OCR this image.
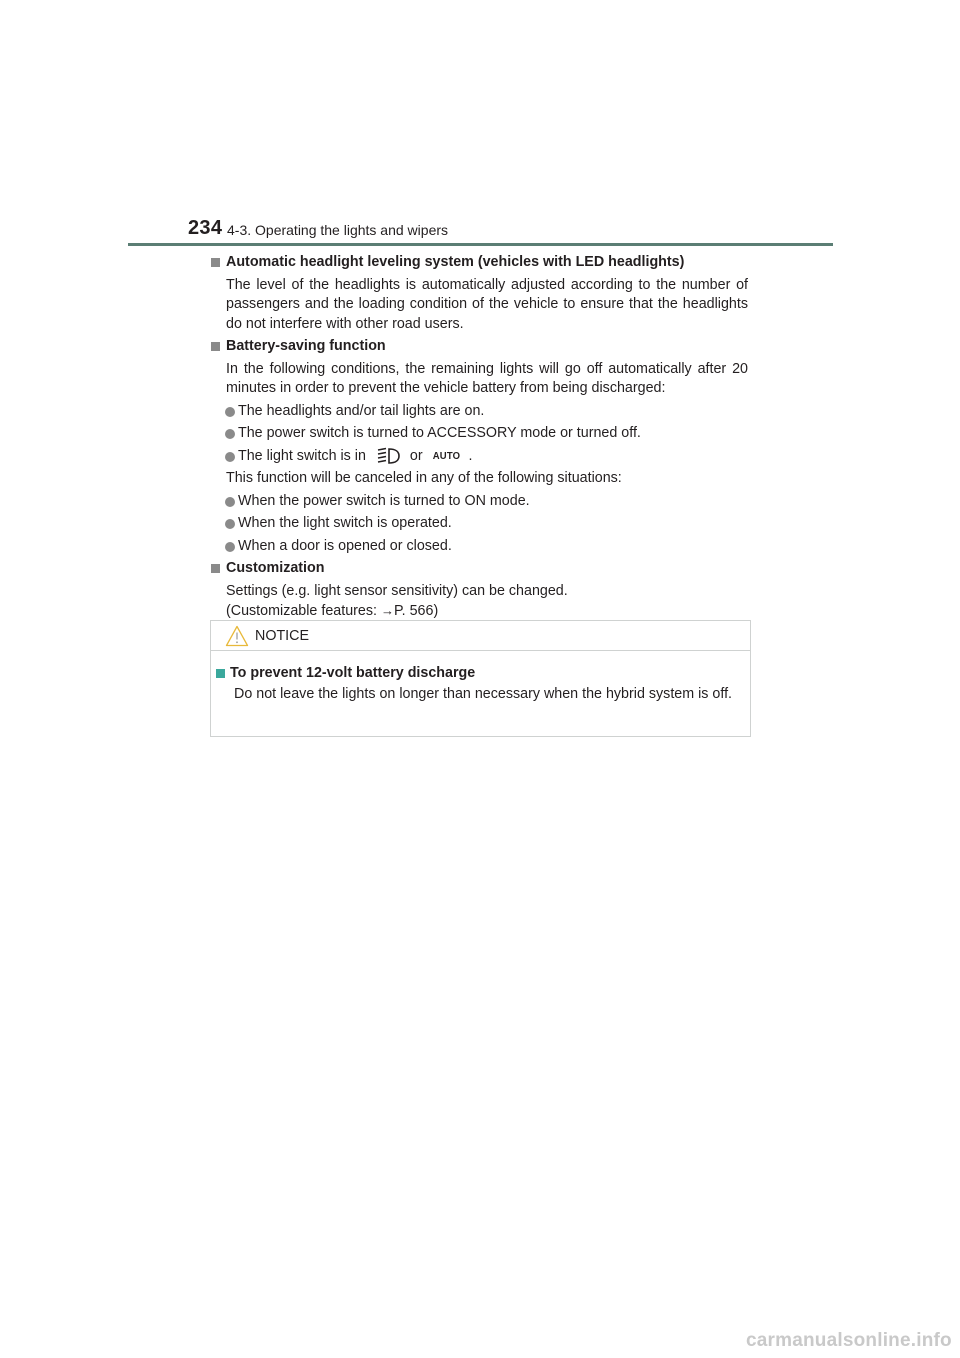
234 4-3. Operating the lights and wipers
Automatic headlight leveling system (vehicles with LED headlights)
The level of the headlights is automatically adjusted according to the number of passengers and the loading condition of the vehicle to ensure that the headlights do not interfere with other road users.
Battery-saving function
In the following conditions, the remaining lights will go off automatically after 20 minutes in order to prevent the vehicle battery from being discharged:
The headlights and/or tail lights are on.
The power switch is turned to ACCESSORY mode or turned off.
The light switch is in	or AUTO .
This function will be canceled in any of the following situations:
When the power switch is turned to ON mode.
When the light switch is operated.
When a door is opened or closed.
Customization
Settings (e.g. light sensor sensitivity) can be changed.
(Customizable features: →P. 566)
NOTICE
To prevent 12-volt battery discharge
Do not leave the lights on longer than necessary when the hybrid system is off.
carmanualsonline.info
